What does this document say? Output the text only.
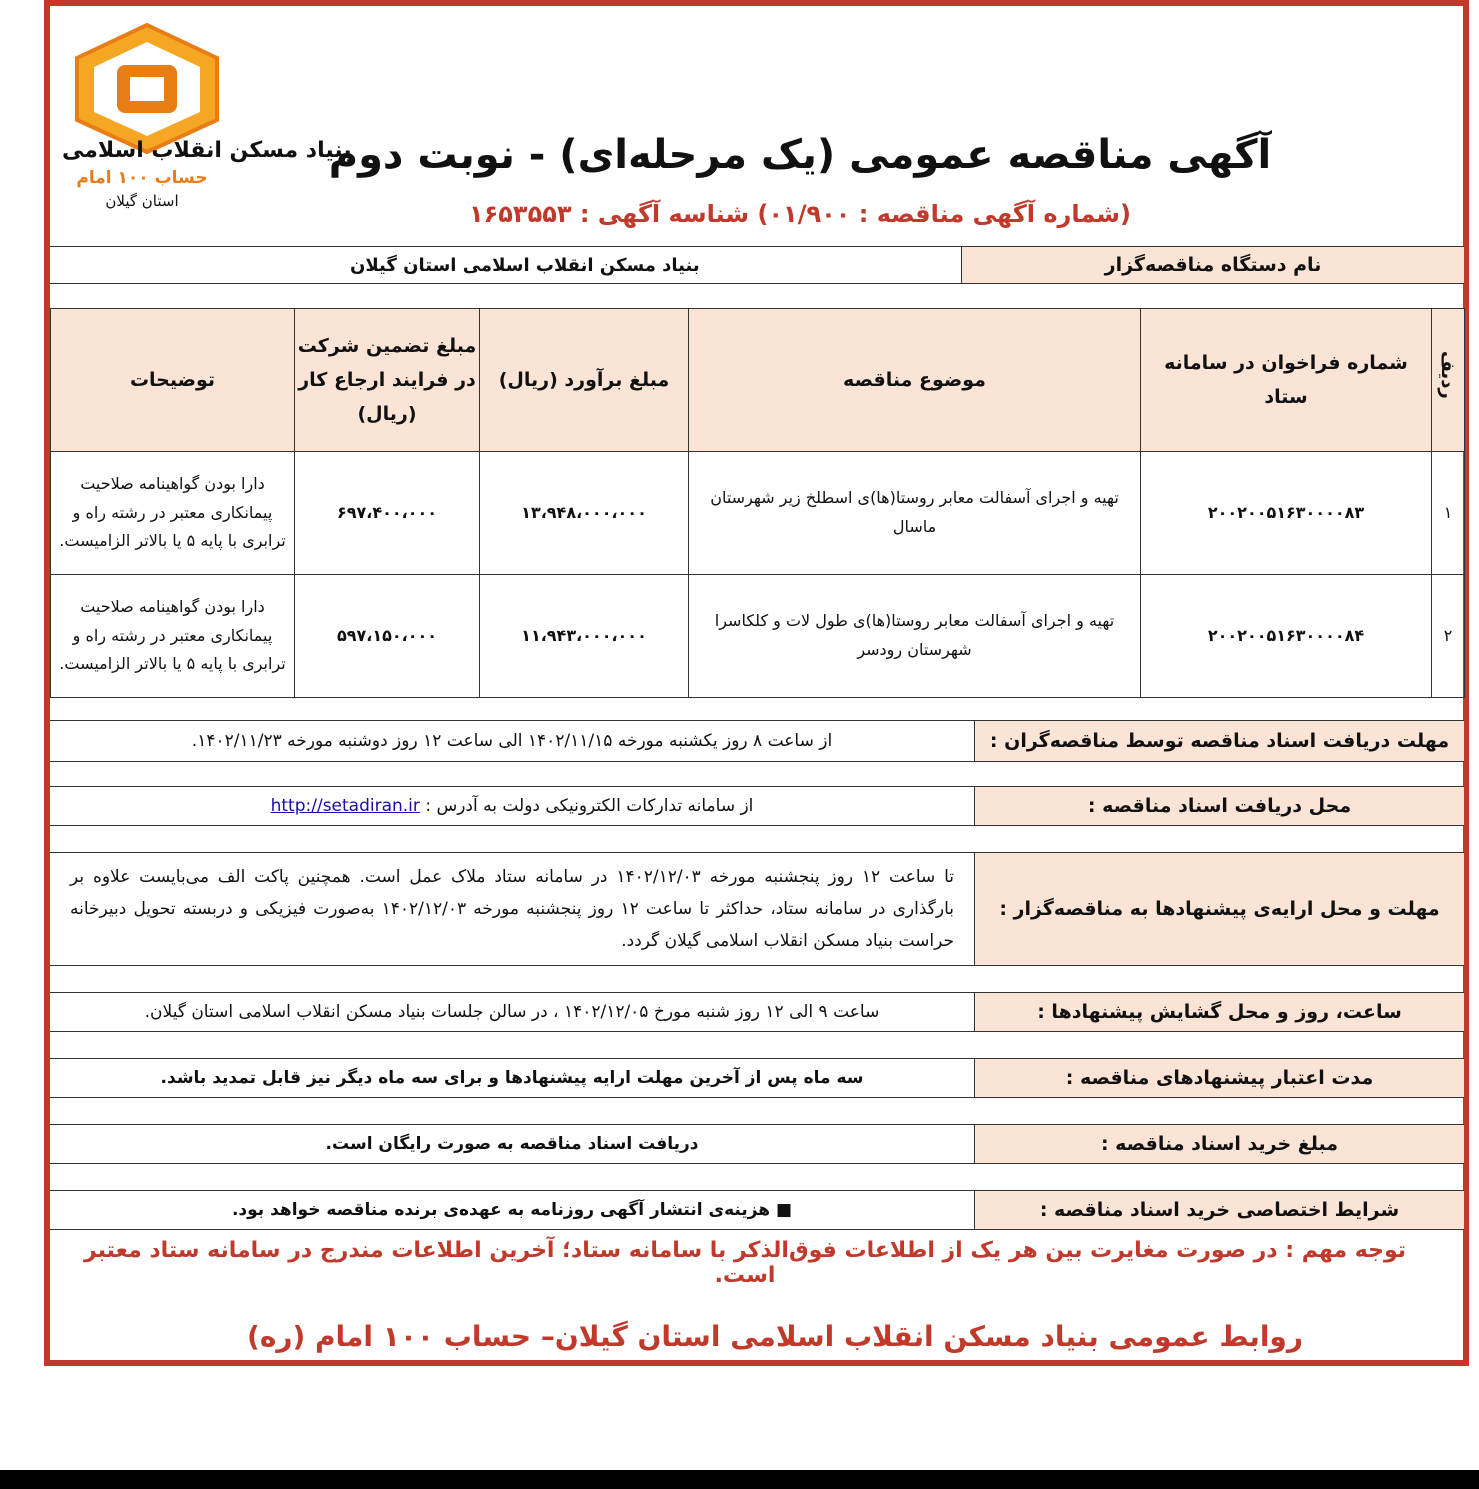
بنیاد مسکن انقلاب اسلامی
حساب ۱۰۰ امام
استان گیلان
آگهی مناقصه عمومی (یک مرحله‌ای) - نوبت دوم
(شماره آگهی مناقصه : ۰۱/۹۰۰) شناسه آگهی : ۱۶۵۳۵۵۳
نام دستگاه مناقصه‌گزار
بنیاد مسکن انقلاب اسلامی استان گیلان
ردیف	شماره فراخوان در سامانه ستاد	موضوع مناقصه	مبلغ برآورد (ریال)	مبلغ تضمین شرکت در فرایند ارجاع کار (ریال)	توضیحات
۱	۲۰۰۲۰۰۵۱۶۳۰۰۰۰۸۳	تهیه و اجرای آسفالت معابر روستا(ها)ی اسطلخ زیر شهرستان ماسال	۱۳،۹۴۸،۰۰۰،۰۰۰	۶۹۷،۴۰۰،۰۰۰	دارا بودن گواهینامه صلاحیت پیمانکاری معتبر در رشته راه و ترابری با پایه ۵ یا بالاتر الزامیست.
۲	۲۰۰۲۰۰۵۱۶۳۰۰۰۰۸۴	تهیه و اجرای آسفالت معابر روستا(ها)ی طول لات و کلکاسرا شهرستان رودسر	۱۱،۹۴۳،۰۰۰،۰۰۰	۵۹۷،۱۵۰،۰۰۰	دارا بودن گواهینامه صلاحیت پیمانکاری معتبر در رشته راه و ترابری با پایه ۵ یا بالاتر الزامیست.
مهلت دریافت اسناد مناقصه توسط مناقصه‌گران :
از ساعت ۸ روز یکشنبه مورخه ۱۴۰۲/۱۱/۱۵ الی ساعت ۱۲ روز دوشنبه مورخه ۱۴۰۲/۱۱/۲۳.
محل دریافت اسناد مناقصه :
از سامانه تدارکات الکترونیکی دولت به آدرس :

http://setadiran.ir
مهلت و محل ارایه‌ی پیشنهادها به مناقصه‌گزار :
تا ساعت ۱۲ روز پنجشنبه مورخه ۱۴۰۲/۱۲/۰۳ در سامانه ستاد ملاک عمل است. همچنین پاکت الف می‌بایست علاوه بر بارگذاری در سامانه ستاد، حداکثر تا ساعت ۱۲ روز پنجشنبه مورخه ۱۴۰۲/۱۲/۰۳ به‌صورت فیزیکی و دربسته تحویل دبیرخانه حراست بنیاد مسکن انقلاب اسلامی گیلان گردد.
ساعت، روز و محل گشایش پیشنهادها :
ساعت ۹ الی ۱۲ روز شنبه مورخ ۱۴۰۲/۱۲/۰۵ ، در سالن جلسات بنیاد مسکن انقلاب اسلامی استان گیلان.
مدت اعتبار پیشنهادهای مناقصه :
سه ماه پس از آخرین مهلت ارایه پیشنهادها و برای سه ماه دیگر نیز قابل تمدید باشد.
مبلغ خرید اسناد مناقصه :
دریافت اسناد مناقصه به صورت رایگان است.
شرایط اختصاصی خرید اسناد مناقصه :
■ هزینه‌ی انتشار آگهی روزنامه به عهده‌ی برنده مناقصه خواهد بود.
توجه مهم : در صورت مغایرت بین هر یک از اطلاعات فوق‌الذکر با سامانه ستاد؛ آخرین اطلاعات مندرج در سامانه ستاد معتبر است.
روابط عمومی بنیاد مسکن انقلاب اسلامی استان گیلان– حساب ۱۰۰ امام (ره)
